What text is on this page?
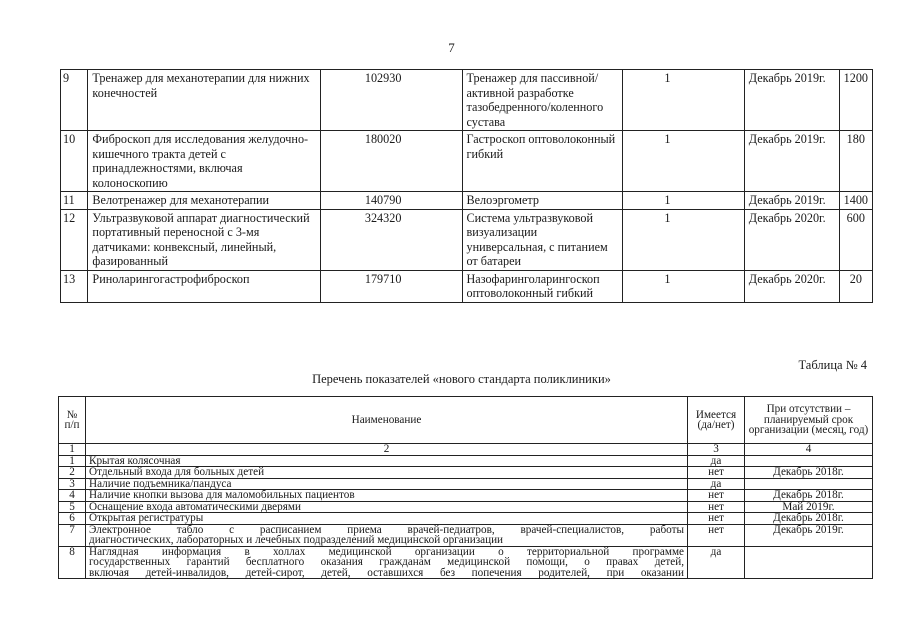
7
9	Тренажер для механотерапии для нижних конечностей	102930	Тренажер для пассивной/активной разработке тазобедренного/коленного сустава	1	Декабрь 2019г.	1200
10	Фиброскоп для исследования желудочно-кишечного тракта детей с принадлежностями, включая колоноскопию	180020	Гастроскоп оптоволоконный гибкий	1	Декабрь 2019г.	180
11	Велотренажер для механотерапии	140790	Велоэргометр	1	Декабрь 2019г.	1400
12	Ультразвуковой аппарат диагностический портативный переносной с 3-мя датчиками: конвексный, линейный, фазированный	324320	Система ультразвуковой визуализации универсальная, с питанием от батареи	1	Декабрь 2020г.	600
13	Риноларингогастрофиброскоп	179710	Назофаринголарингоскоп оптоволоконный гибкий	1	Декабрь 2020г.	20
Таблица № 4
Перечень показателей «нового стандарта поликлиники»
№ п/п	Наименование	Имеется (да/нет)	При отсутствии – планируемый срок организации (месяц, год)
1	2	3	4
1	Крытая колясочная	да	
2	Отдельный входа для больных детей	нет	Декабрь 2018г.
3	Наличие подъемника/пандуса	да	
4	Наличие кнопки вызова для маломобильных пациентов	нет	Декабрь 2018г.
5	Оснащение входа автоматическими дверями	нет	Май 2019г.
6	Открытая регистратуры	нет	Декабрь 2018г.
7	Электронное табло с расписанием приема врачей-педиатров, врачей-специалистов, работы
диагностических, лабораторных и лечебных подразделений медицинской организации	нет	Декабрь 2019г.
8	Наглядная информация в холлах медицинской организации о территориальной программе
государственных гарантий бесплатного оказания гражданам медицинской помощи, о правах детей,
включая детей-инвалидов, детей-сирот, детей, оставшихся без попечения родителей, при оказании	да	
